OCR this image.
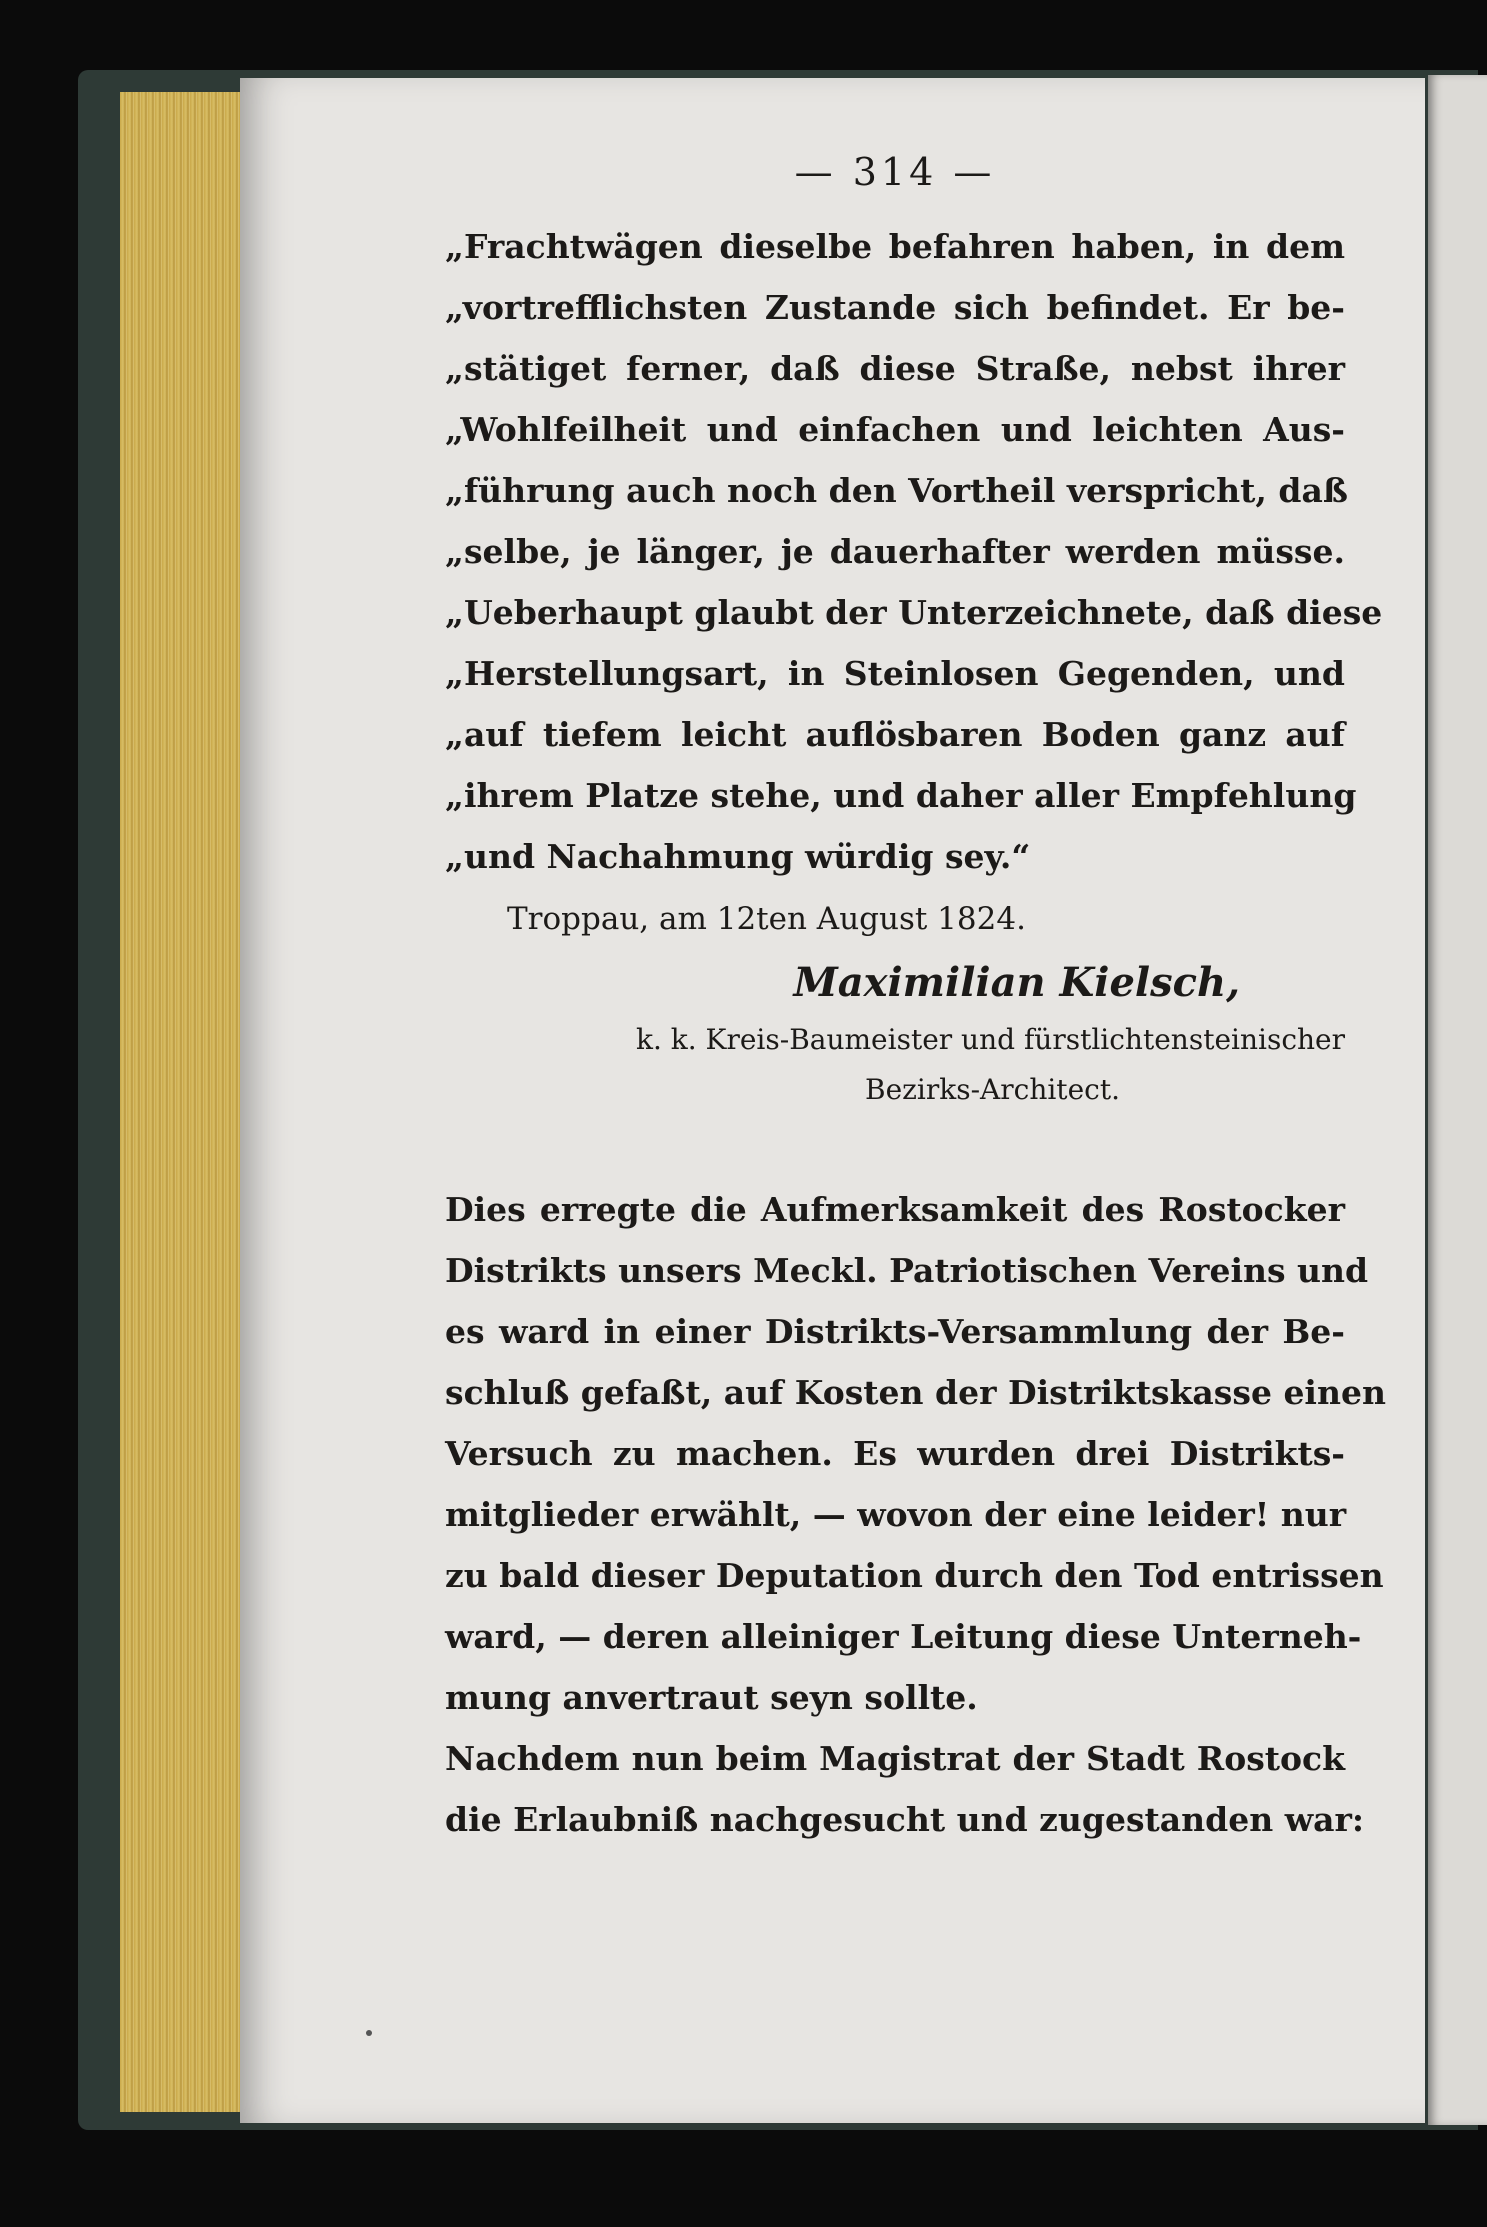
— 314 —
„Frachtwägen dieselbe befahren haben, in dem
„vortrefflichsten Zustande sich befindet. Er be-
„stätiget ferner, daß diese Straße, nebst ihrer
„Wohlfeilheit und einfachen und leichten Aus-
„führung auch noch den Vortheil verspricht, daß
„selbe, je länger, je dauerhafter werden müsse.
„Ueberhaupt glaubt der Unterzeichnete, daß diese
„Herstellungsart, in Steinlosen Gegenden, und
„auf tiefem leicht auflösbaren Boden ganz auf
„ihrem Platze stehe, und daher aller Empfehlung
„und Nachahmung würdig sey.“
Troppau, am 12ten August 1824.
Maximilian Kielsch,
k. k. Kreis-Baumeister und fürstlichtensteinischer
Bezirks-Architect.
Dies erregte die Aufmerksamkeit des Rostocker
Distrikts unsers Meckl. Patriotischen Vereins und
es ward in einer Distrikts-Versammlung der Be-
schluß gefaßt, auf Kosten der Distriktskasse einen
Versuch zu machen. Es wurden drei Distrikts-
mitglieder erwählt, — wovon der eine leider! nur
zu bald dieser Deputation durch den Tod entrissen
ward, — deren alleiniger Leitung diese Unterneh-
mung anvertraut seyn sollte.
Nachdem nun beim Magistrat der Stadt Rostock
die Erlaubniß nachgesucht und zugestanden war:
